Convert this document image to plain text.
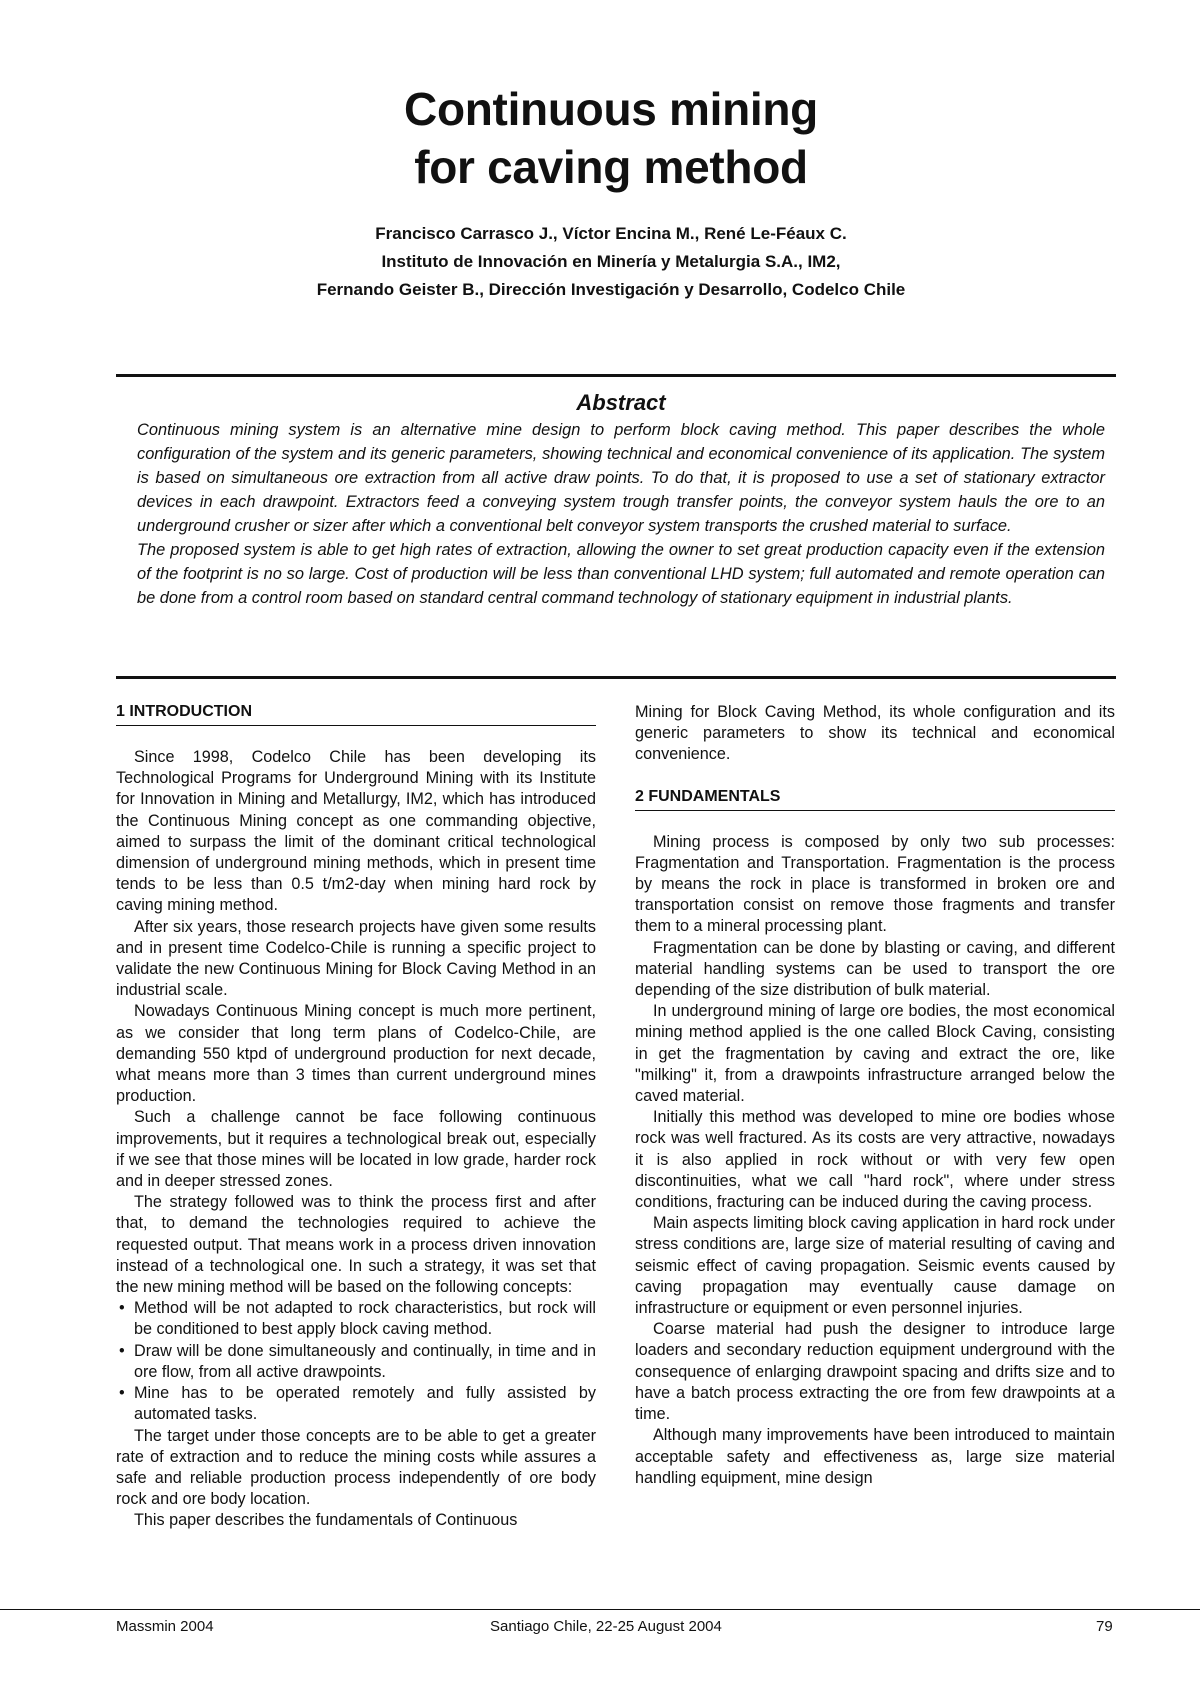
Continuous mining
for caving method
Francisco Carrasco J., Víctor Encina M., René Le-Féaux C.
Instituto de Innovación en Minería y Metalurgia S.A., IM2,
Fernando Geister B., Dirección Investigación y Desarrollo, Codelco Chile
Abstract

Continuous mining system is an alternative mine design to perform block caving method. This paper describes the whole configuration of the system and its generic parameters, showing technical and economical convenience of its application. The system is based on simultaneous ore extraction from all active draw points. To do that, it is proposed to use a set of stationary extractor devices in each drawpoint. Extractors feed a conveying system trough transfer points, the conveyor system hauls the ore to an underground crusher or sizer after which a conventional belt conveyor system transports the crushed material to surface.

The proposed system is able to get high rates of extraction, allowing the owner to set great production capacity even if the extension of the footprint is no so large. Cost of production will be less than conventional LHD system; full automated and remote operation can be done from a control room based on standard central command technology of stationary equipment in industrial plants.

1 INTRODUCTION

Since 1998, Codelco Chile has been developing its Technological Programs for Underground Mining with its Institute for Innovation in Mining and Metallurgy, IM2, which has introduced the Continuous Mining concept as one commanding objective, aimed to surpass the limit of the dominant critical technological dimension of underground mining methods, which in present time tends to be less than 0.5 t/m2-day when mining hard rock by caving mining method.

After six years, those research projects have given some results and in present time Codelco-Chile is running a specific project to validate the new Continuous Mining for Block Caving Method in an industrial scale.

Nowadays Continuous Mining concept is much more pertinent, as we consider that long term plans of Codelco-Chile, are demanding 550 ktpd of underground production for next decade, what means more than 3 times than current underground mines production.

Such a challenge cannot be face following continuous improvements, but it requires a technological break out, especially if we see that those mines will be located in low grade, harder rock and in deeper stressed zones.

The strategy followed was to think the process first and after that, to demand the technologies required to achieve the requested output. That means work in a process driven innovation instead of a technological one. In such a strategy, it was set that the new mining method will be based on the following concepts:

• Method will be not adapted to rock characteristics, but rock will be conditioned to best apply block caving method.
• Draw will be done simultaneously and continually, in time and in ore flow, from all active drawpoints.
• Mine has to be operated remotely and fully assisted by automated tasks.

The target under those concepts are to be able to get a greater rate of extraction and to reduce the mining costs while assures a safe and reliable production process independently of ore body rock and ore body location.

This paper describes the fundamentals of Continuous

Mining for Block Caving Method, its whole configuration and its generic parameters to show its technical and economical convenience.

2 FUNDAMENTALS

Mining process is composed by only two sub processes: Fragmentation and Transportation. Fragmentation is the process by means the rock in place is transformed in broken ore and transportation consist on remove those fragments and transfer them to a mineral processing plant.

Fragmentation can be done by blasting or caving, and different material handling systems can be used to transport the ore depending of the size distribution of bulk material.

In underground mining of large ore bodies, the most economical mining method applied is the one called Block Caving, consisting in get the fragmentation by caving and extract the ore, like "milking" it, from a drawpoints infrastructure arranged below the caved material.

Initially this method was developed to mine ore bodies whose rock was well fractured. As its costs are very attractive, nowadays it is also applied in rock without or with very few open discontinuities, what we call "hard rock", where under stress conditions, fracturing can be induced during the caving process.

Main aspects limiting block caving application in hard rock under stress conditions are, large size of material resulting of caving and seismic effect of caving propagation. Seismic events caused by caving propagation may eventually cause damage on infrastructure or equipment or even personnel injuries.

Coarse material had push the designer to introduce large loaders and secondary reduction equipment underground with the consequence of enlarging drawpoint spacing and drifts size and to have a batch process extracting the ore from few drawpoints at a time.

Although many improvements have been introduced to maintain acceptable safety and effectiveness as, large size material handling equipment, mine design

Massmin 2004	Santiago Chile, 22-25 August 2004	79
